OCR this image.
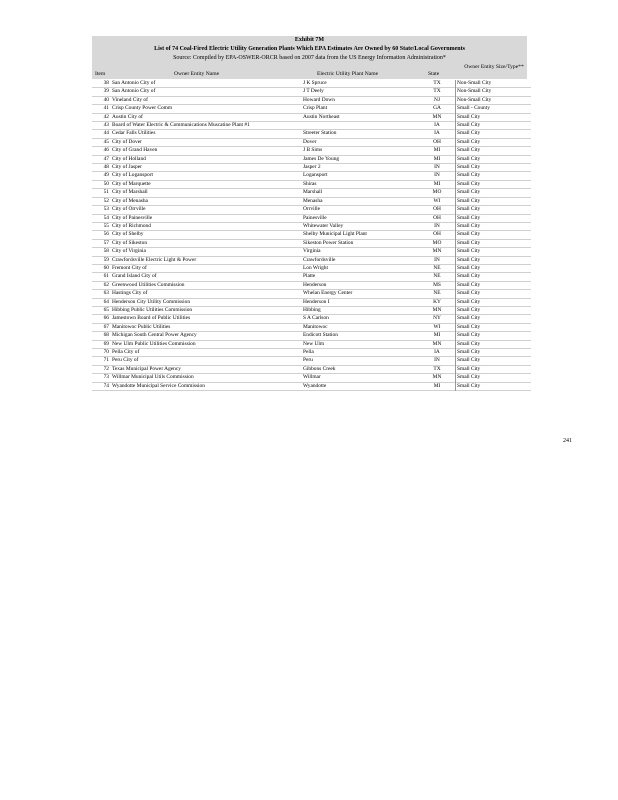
Exhibit 7M
List of 74 Coal-Fired Electric Utility Generation Plants Which EPA Estimates Are Owned by 60 State/Local Governments
Source: Compiled by EPA-OSWER-ORCR based on 2007 data from the US Energy Information Administration*
Item	Owner Entity Name	Electric Utility Plant Name	State
Owner Entity Size/Type**
38	San Antonio City of	J K Spruce	TX	Non-Small City
39	San Antonio City of	J T Deely	TX	Non-Small City
40	Vineland City of	Howard Down	NJ	Non-Small City
41	Crisp County Power Comm	Crisp Plant	GA	Small - County
42	Austin City of	Austin Northeast	MN	Small City
43	Board of Water Electric & Communications Muscatine Plant #1		IA	Small City
44	Cedar Falls Utilities	Streeter Station	IA	Small City
45	City of Dover	Dover	OH	Small City
46	City of Grand Haven	J B Sims	MI	Small City
47	City of Holland	James De Young	MI	Small City
48	City of Jasper	Jasper 2	IN	Small City
49	City of Logansport	Logansport	IN	Small City
50	City of Marquette	Shiras	MI	Small City
51	City of Marshall	Marshall	MO	Small City
52	City of Menasha	Menasha	WI	Small City
53	City of Orrville	Orrville	OH	Small City
54	City of Painesville	Painesville	OH	Small City
55	City of Richmond	Whitewater Valley	IN	Small City
56	City of Shelby	Shelby Municipal Light Plant	OH	Small City
57	City of Sikeston	Sikeston Power Station	MO	Small City
58	City of Virginia	Virginia	MN	Small City
59	Crawfordsville Electric Light & Power	Crawfordsville	IN	Small City
60	Fremont City of	Lon Wright	NE	Small City
61	Grand Island City of	Platte	NE	Small City
62	Greenwood Utilities Commission	Henderson	MS	Small City
63	Hastings City of	Whelan Energy Center	NE	Small City
64	Henderson City Utility Commission	Henderson I	KY	Small City
65	Hibbing Public Utilities Commission	Hibbing	MN	Small City
66	Jamestown Board of Public Utilities	S A Carlson	NY	Small City
67	Manitowoc Public Utilities	Manitowoc	WI	Small City
68	Michigan South Central Power Agency	Endicott Station	MI	Small City
69	New Ulm Public Utilities Commission	New Ulm	MN	Small City
70	Pella City of	Pella	IA	Small City
71	Peru City of	Peru	IN	Small City
72	Texas Municipal Power Agency	Gibbons Creek	TX	Small City
73	Willmar Municipal Utils Commission	Willmar	MN	Small City
74	Wyandotte Municipal Service Commission	Wyandotte	MI	Small City
241
